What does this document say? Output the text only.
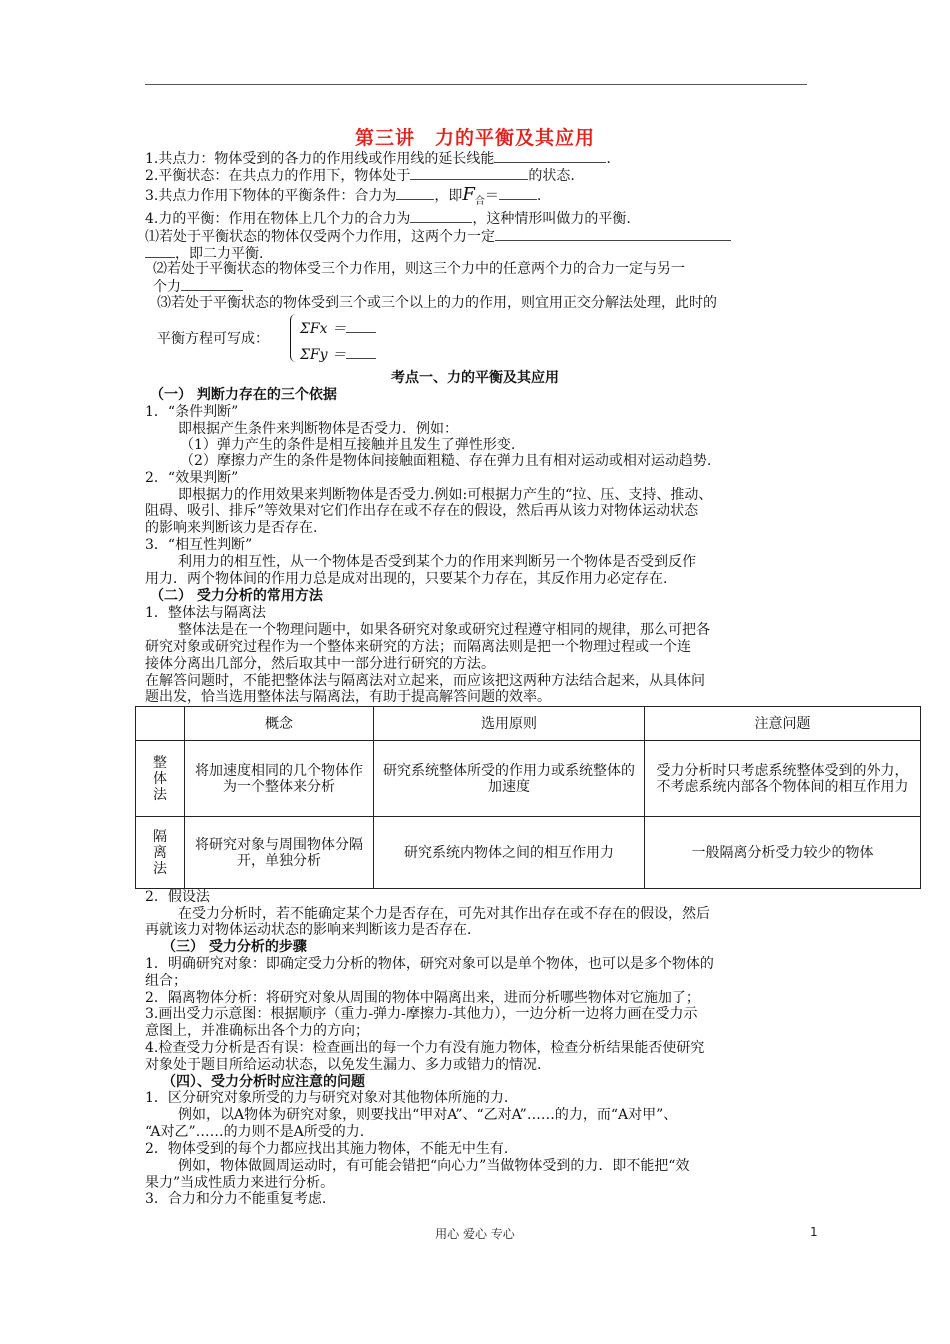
第三讲　力的平衡及其应用
1.共点力：物体受到的各力的作用线或作用线的延长线能	.
2.平衡状态：在共点力的作用下，物体处于	的状态.
3.共点力作用下物体的平衡条件：合力为	，即$F_合=$	.
4.力的平衡：作用在物体上几个力的合力为	，这种情形叫做力的平衡.
⑴若处于平衡状态的物体仅受两个力作用，这两个力一定
，即二力平衡.
⑵若处于平衡状态的物体受三个力作用，则这三个力中的任意两个力的合力一定与另一
个力
⑶若处于平衡状态的物体受到三个或三个以上的力的作用，则宜用正交分解法处理，此时的
平衡方程可写成：
ΣFx ＝
ΣFy ＝
考点一、力的平衡及其应用
（一） 判断力存在的三个依据
1．“条件判断”
即根据产生条件来判断物体是否受力．例如：
（1）弹力产生的条件是相互接触并且发生了弹性形变.
（2）摩擦力产生的条件是物体间接触面粗糙、存在弹力且有相对运动或相对运动趋势.
2．“效果判断”
即根据力的作用效果来判断物体是否受力.例如:可根据力产生的“拉、压、支持、推动、
阻碍、吸引、排斥”等效果对它们作出存在或不存在的假设，然后再从该力对物体运动状态
的影响来判断该力是否存在.
3．“相互性判断”
利用力的相互性，从一个物体是否受到某个力的作用来判断另一个物体是否受到反作
用力．两个物体间的作用力总是成对出现的，只要某个力存在，其反作用力必定存在.
（二） 受力分析的常用方法
1．整体法与隔离法
整体法是在一个物理问题中，如果各研究对象或研究过程遵守相同的规律，那么可把各
研究对象或研究过程作为一个整体来研究的方法；而隔离法则是把一个物理过程或一个连
接体分离出几部分，然后取其中一部分进行研究的方法。
在解答问题时，不能把整体法与隔离法对立起来，而应该把这两种方法结合起来，从具体问
题出发，恰当选用整体法与隔离法，有助于提高解答问题的效率。
	概念	选用原则	注意问题

整
体
法	将加速度相同的几个物体作为一个整体来分析	研究系统整体所受的作用力或系统整体的加速度	受力分析时只考虑系统整体受到的外力，不考虑系统内部各个物体间的相互作用力

隔
离
法	将研究对象与周围物体分隔开，单独分析	研究系统内物体之间的相互作用力	一般隔离分析受力较少的物体
2．假设法
在受力分析时，若不能确定某个力是否存在，可先对其作出存在或不存在的假设，然后
再就该力对物体运动状态的影响来判断该力是否存在.
（三） 受力分析的步骤
1．明确研究对象：即确定受力分析的物体，研究对象可以是单个物体，也可以是多个物体的
组合；
2．隔离物体分析：将研究对象从周围的物体中隔离出来，进而分析哪些物体对它施加了；
3.画出受力示意图：根据顺序（重力-弹力-摩擦力-其他力），一边分析一边将力画在受力示
意图上，并准确标出各个力的方向；
4.检查受力分析是否有误：检查画出的每一个力有没有施力物体，检查分析结果能否使研究
对象处于题目所给运动状态，以免发生漏力、多力或错力的情况.
（四）、受力分析时应注意的问题
1．区分研究对象所受的力与研究对象对其他物体所施的力.
例如，以A物体为研究对象，则要找出“甲对A”、“乙对A”……的力，而“A对甲”、
“A对乙”……的力则不是A所受的力.
2．物体受到的每个力都应找出其施力物体，不能无中生有.
例如，物体做圆周运动时，有可能会错把“向心力”当做物体受到的力．即不能把“效
果力”当成性质力来进行分析。
3．合力和分力不能重复考虑.
用心 爱心 专心	1
